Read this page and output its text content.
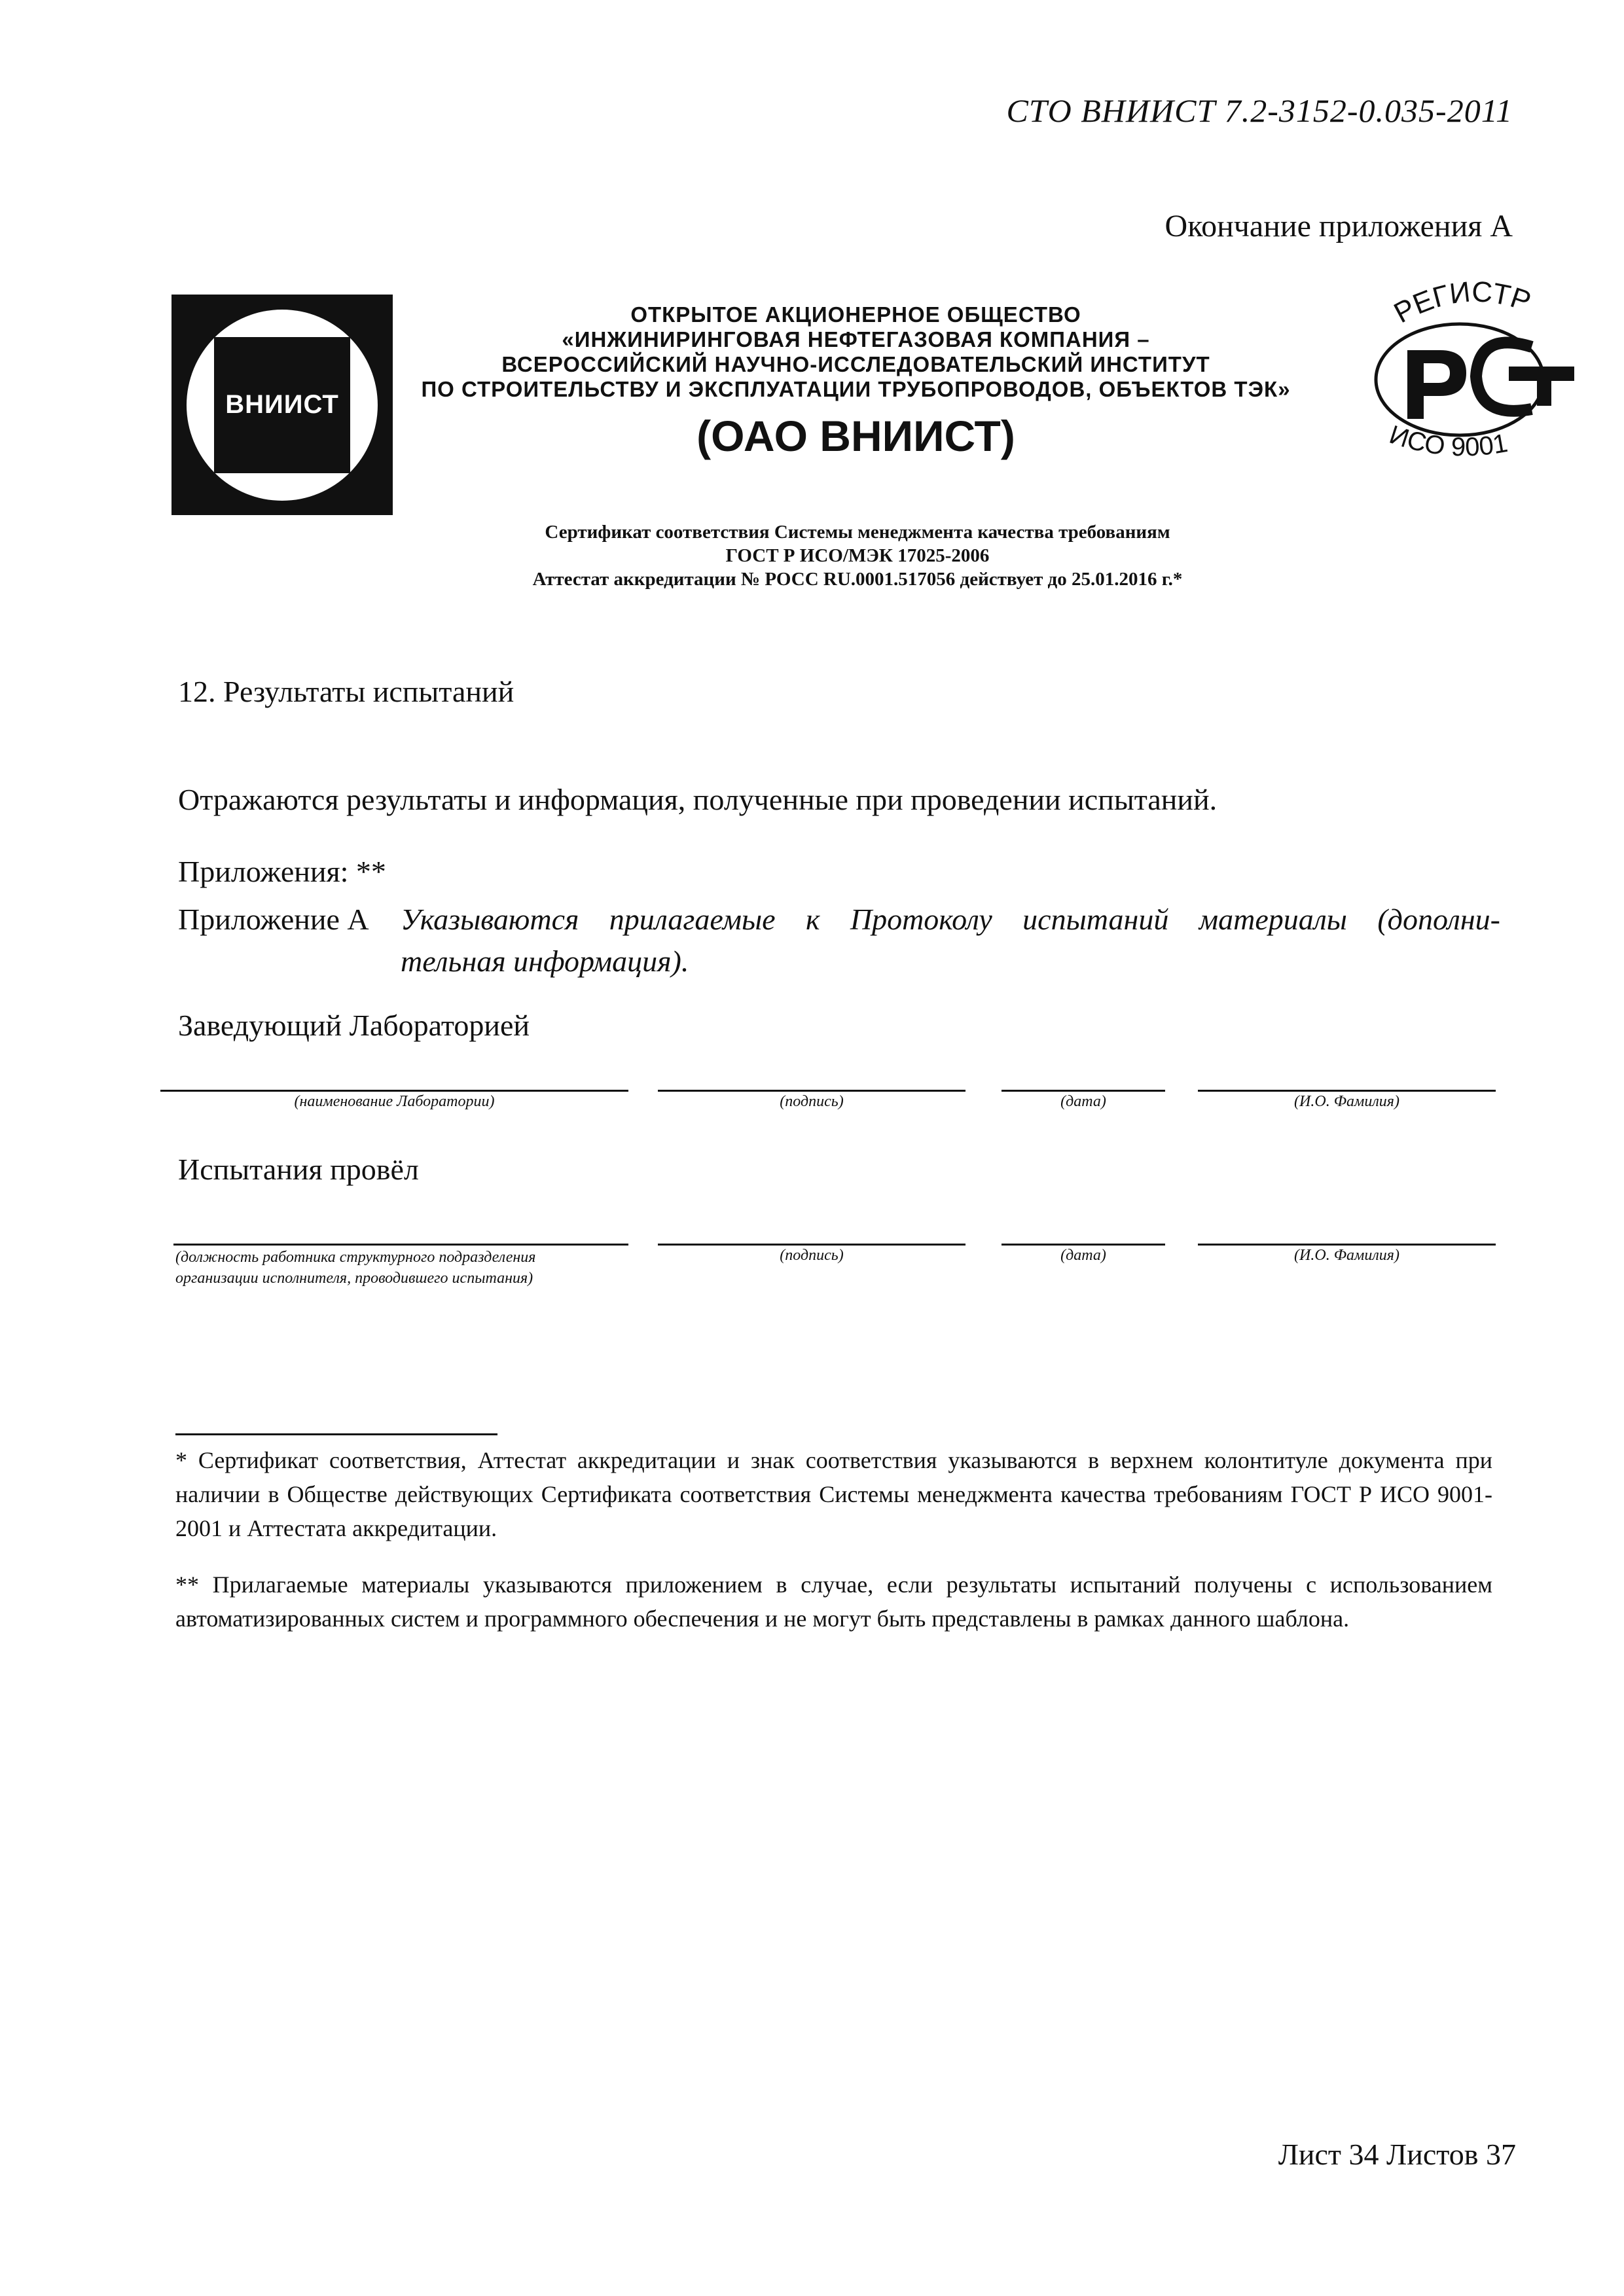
СТО ВНИИСТ 7.2-3152-0.035-2011
Окончание приложения А
ВНИИСТ
ОТКРЫТОЕ АКЦИОНЕРНОЕ ОБЩЕСТВО
«ИНЖИНИРИНГОВАЯ НЕФТЕГАЗОВАЯ КОМПАНИЯ –
ВСЕРОССИЙСКИЙ НАУЧНО-ИССЛЕДОВАТЕЛЬСКИЙ ИНСТИТУТ
ПО СТРОИТЕЛЬСТВУ И ЭКСПЛУАТАЦИИ ТРУБОПРОВОДОВ, ОБЪЕКТОВ ТЭК»
(ОАО ВНИИСТ)
РЕГИСТР
ИСО 9001
Сертификат соответствия Системы менеджмента качества требованиям
ГОСТ Р ИСО/МЭК 17025-2006
Аттестат аккредитации № РОСС RU.0001.517056 действует до 25.01.2016 г.*
12. Результаты испытаний
Отражаются результаты и информация, полученные при проведении испытаний.
Приложения: **
Приложение А Указываются прилагаемые к Протоколу испытаний материалы (дополни-
тельная информация).
Заведующий Лабораторией
(наименование Лаборатории)	(подпись)	(дата)	(И.О. Фамилия)
Испытания провёл
(должность работника структурного подразделения
организации исполнителя, проводившего испытания)
(подпись)	(дата)	(И.О. Фамилия)
* Сертификат соответствия, Аттестат аккредитации и знак соответствия указываются в верхнем колонтитуле документа при наличии в Обществе действующих Сертификата соответствия Системы менеджмента качества требованиям ГОСТ Р ИСО 9001-2001 и Аттестата аккредитации.
** Прилагаемые материалы указываются приложением в случае, если результаты испытаний получены с использованием автоматизированных систем и программного обеспечения и не могут быть представлены в рамках данного шаблона.
Лист 34 Листов 37
